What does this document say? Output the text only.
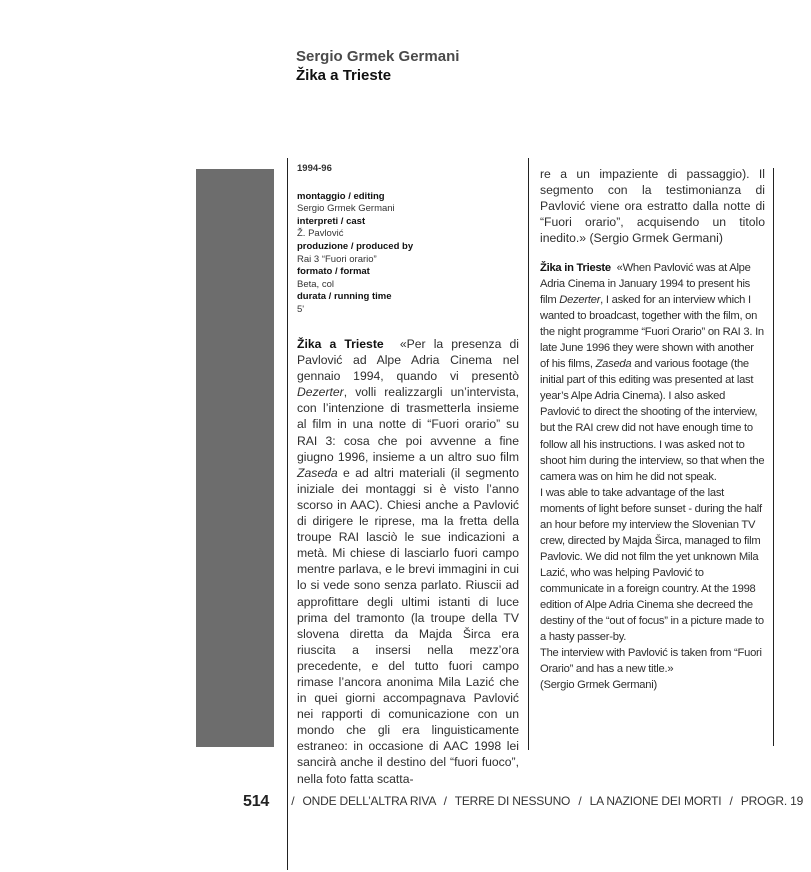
Sergio Grmek Germani
Žika a Trieste
1994-96
montaggio / editing
Sergio Grmek Germani
interpreti / cast
Ž. Pavlović
produzione / produced by
Rai 3 “Fuori orario”
formato / format
Beta, col
durata / running time
5'
Žika a Trieste «Per la presenza di Pavlović ad Alpe Adria Cinema nel gennaio 1994, quando vi presentò Dezerter, volli realizzargli un’intervista, con l’intenzione di trasmetterla insieme al film in una notte di “Fuori orario” su RAI 3: cosa che poi avvenne a fine giugno 1996, insieme a un altro suo film Zaseda e ad altri materiali (il segmento iniziale dei montaggi si è visto l’anno scorso in AAC). Chiesi anche a Pavlović di dirigere le riprese, ma la fretta della troupe RAI lasciò le sue indicazioni a metà. Mi chiese di lasciarlo fuori campo mentre parlava, e le brevi immagini in cui lo si vede sono senza parlato. Riuscii ad approfittare degli ultimi istanti di luce prima del tramonto (la troupe della TV slovena diretta da Majda Širca era riuscita a insersi nella mezz’ora precedente, e del tutto fuori campo rimase l’ancora anonima Mila Lazić che in quei giorni accompagnava Pavlović nei rapporti di comunicazione con un mondo che gli era linguisticamente estraneo: in occasione di AAC 1998 lei sancirà anche il destino del “fuori fuoco”, nella foto fatta scatta-
re a un impaziente di passaggio). Il segmento con la testimonianza di Pavlović viene ora estratto dalla notte di “Fuori orario”, acquisendo un titolo inedito.» (Sergio Grmek Germani)

Žika in Trieste «When Pavlović was at Alpe Adria Cinema in January 1994 to present his film Dezerter, I asked for an interview which I wanted to broadcast, together with the film, on the night programme “Fuori Orario” on RAI 3. In late June 1996 they were shown with another of his films, Zaseda and various footage (the initial part of this editing was presented at last year’s Alpe Adria Cinema). I also asked Pavlović to direct the shooting of the interview, but the RAI crew did not have enough time to follow all his instructions. I was asked not to shoot him during the interview, so that when the camera was on him he did not speak.

I was able to take advantage of the last moments of light before sunset - during the half an hour before my interview the Slovenian TV crew, directed by Majda Širca, managed to film Pavlovic. We did not film the yet unknown Mila Lazić, who was helping Pavlović to communicate in a foreign country. At the 1998 edition of Alpe Adria Cinema she decreed the destiny of the “out of focus” in a picture made to a hasty passer-by.

The interview with Pavlović is taken from “Fuori Orario” and has a new title.»

(Sergio Grmek Germani)

514 / ONDE DELL’ALTRA RIVA / TERRE DI NESSUNO / LA NAZIONE DEI MORTI / PROGR. 19
